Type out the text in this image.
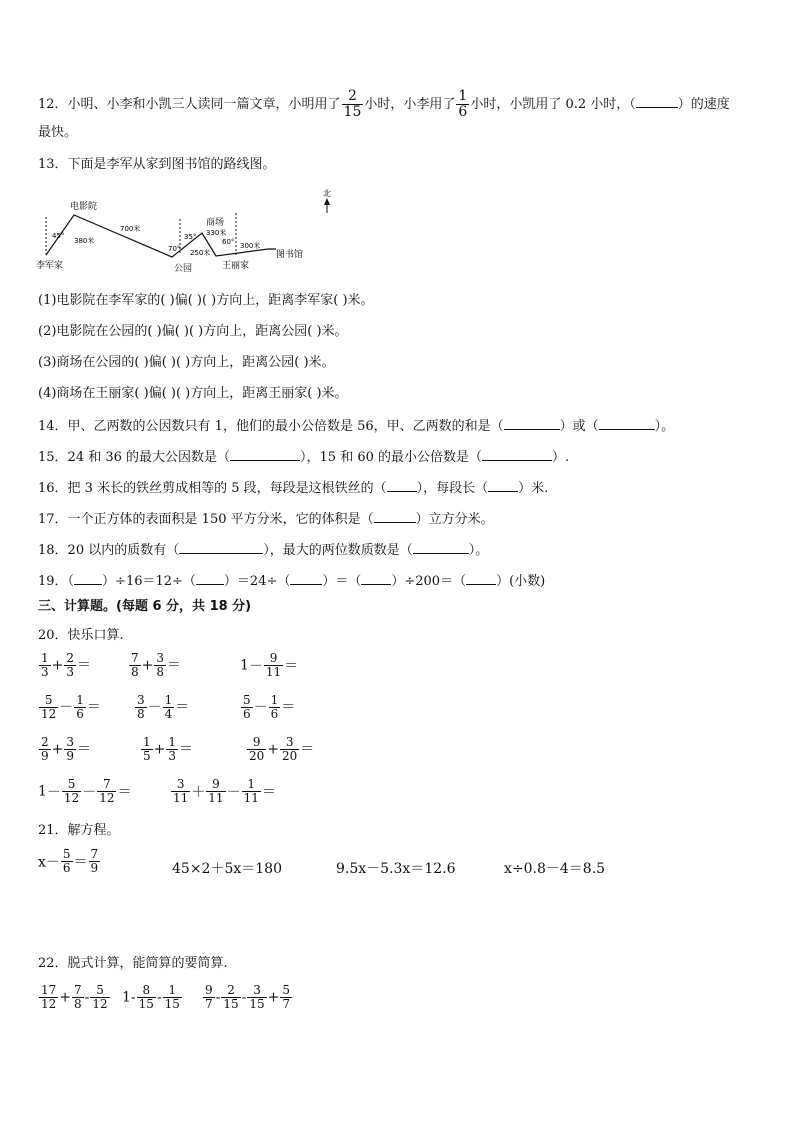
12．小明、小李和小凯三人读同一篇文章，小明用了 $\frac{2}{15}$ 小时，小李用了 $\frac{1}{6}$ 小时，小凯用了 0.2 小时，（	）的速度
最快。
13．下面是李军从家到图书馆的路线图。
北
电影院
李军家	公园
商场
王丽家
图书馆
45°
380米
700米
70°
35°
250米
330米
60° 300米
(1)电影院在李军家的( )偏( )( )方向上，距离李军家( )米。
(2)电影院在公园的( )偏( )( )方向上，距离公园( )米。
(3)商场在公园的( )偏( )( )方向上，距离公园( )米。
(4)商场在王丽家( )偏( )( )方向上，距离王丽家( )米。
14．甲、乙两数的公因数只有 1，他们的最小公倍数是 56，甲、乙两数的和是（	）或（	）。
15．24 和 36 的最大公因数是（	），15 和 60 的最小公倍数是（	）.
16．把 3 米长的铁丝剪成相等的 5 段，每段是这根铁丝的（ ），每段长（ ）米.
17．一个正方体的表面积是 150 平方分米，它的体积是（	）立方分米。
18．20 以内的质数有（	），最大的两位数质数是（	）。
19．（ ）÷16＝12÷（ ）＝24÷（ ）＝（ ）÷200＝（ ）(小数)
三、计算题。(每题 6 分，共 18 分)
20．快乐口算.
$\frac{1}{3} + \frac{2}{3}$ ＝	$\frac{7}{8} + \frac{3}{8}$ ＝	$1- \frac{9}{11}$ ＝
$\frac{5}{12} - \frac{1}{6}$ ＝	$\frac{3}{8} - \frac{1}{4}$ ＝	$\frac{5}{6} - \frac{1}{6}$ ＝
$\frac{2}{9} + \frac{3}{9}$ ＝	$\frac{1}{5} + \frac{1}{3}$ ＝	$\frac{9}{20} + \frac{3}{20}$ ＝
$1- \frac{5}{12} - \frac{7}{12}$ ＝	$\frac{3}{11} + \frac{9}{11} - \frac{1}{11}$ ＝
21．解方程。
$x- \frac{5}{6} = \frac{7}{9}$	45×2＋5x＝180	9.5x－5.3x＝12.6	x÷0.8－4＝8.5
22．脱式计算，能简算的要简算.
$\frac{17}{12} + \frac{7}{8} - \frac{5}{12} 1- \frac{8}{15} - \frac{1}{15} \frac{9}{7} - \frac{2}{15} - \frac{3}{15} + \frac{5}{7}$
